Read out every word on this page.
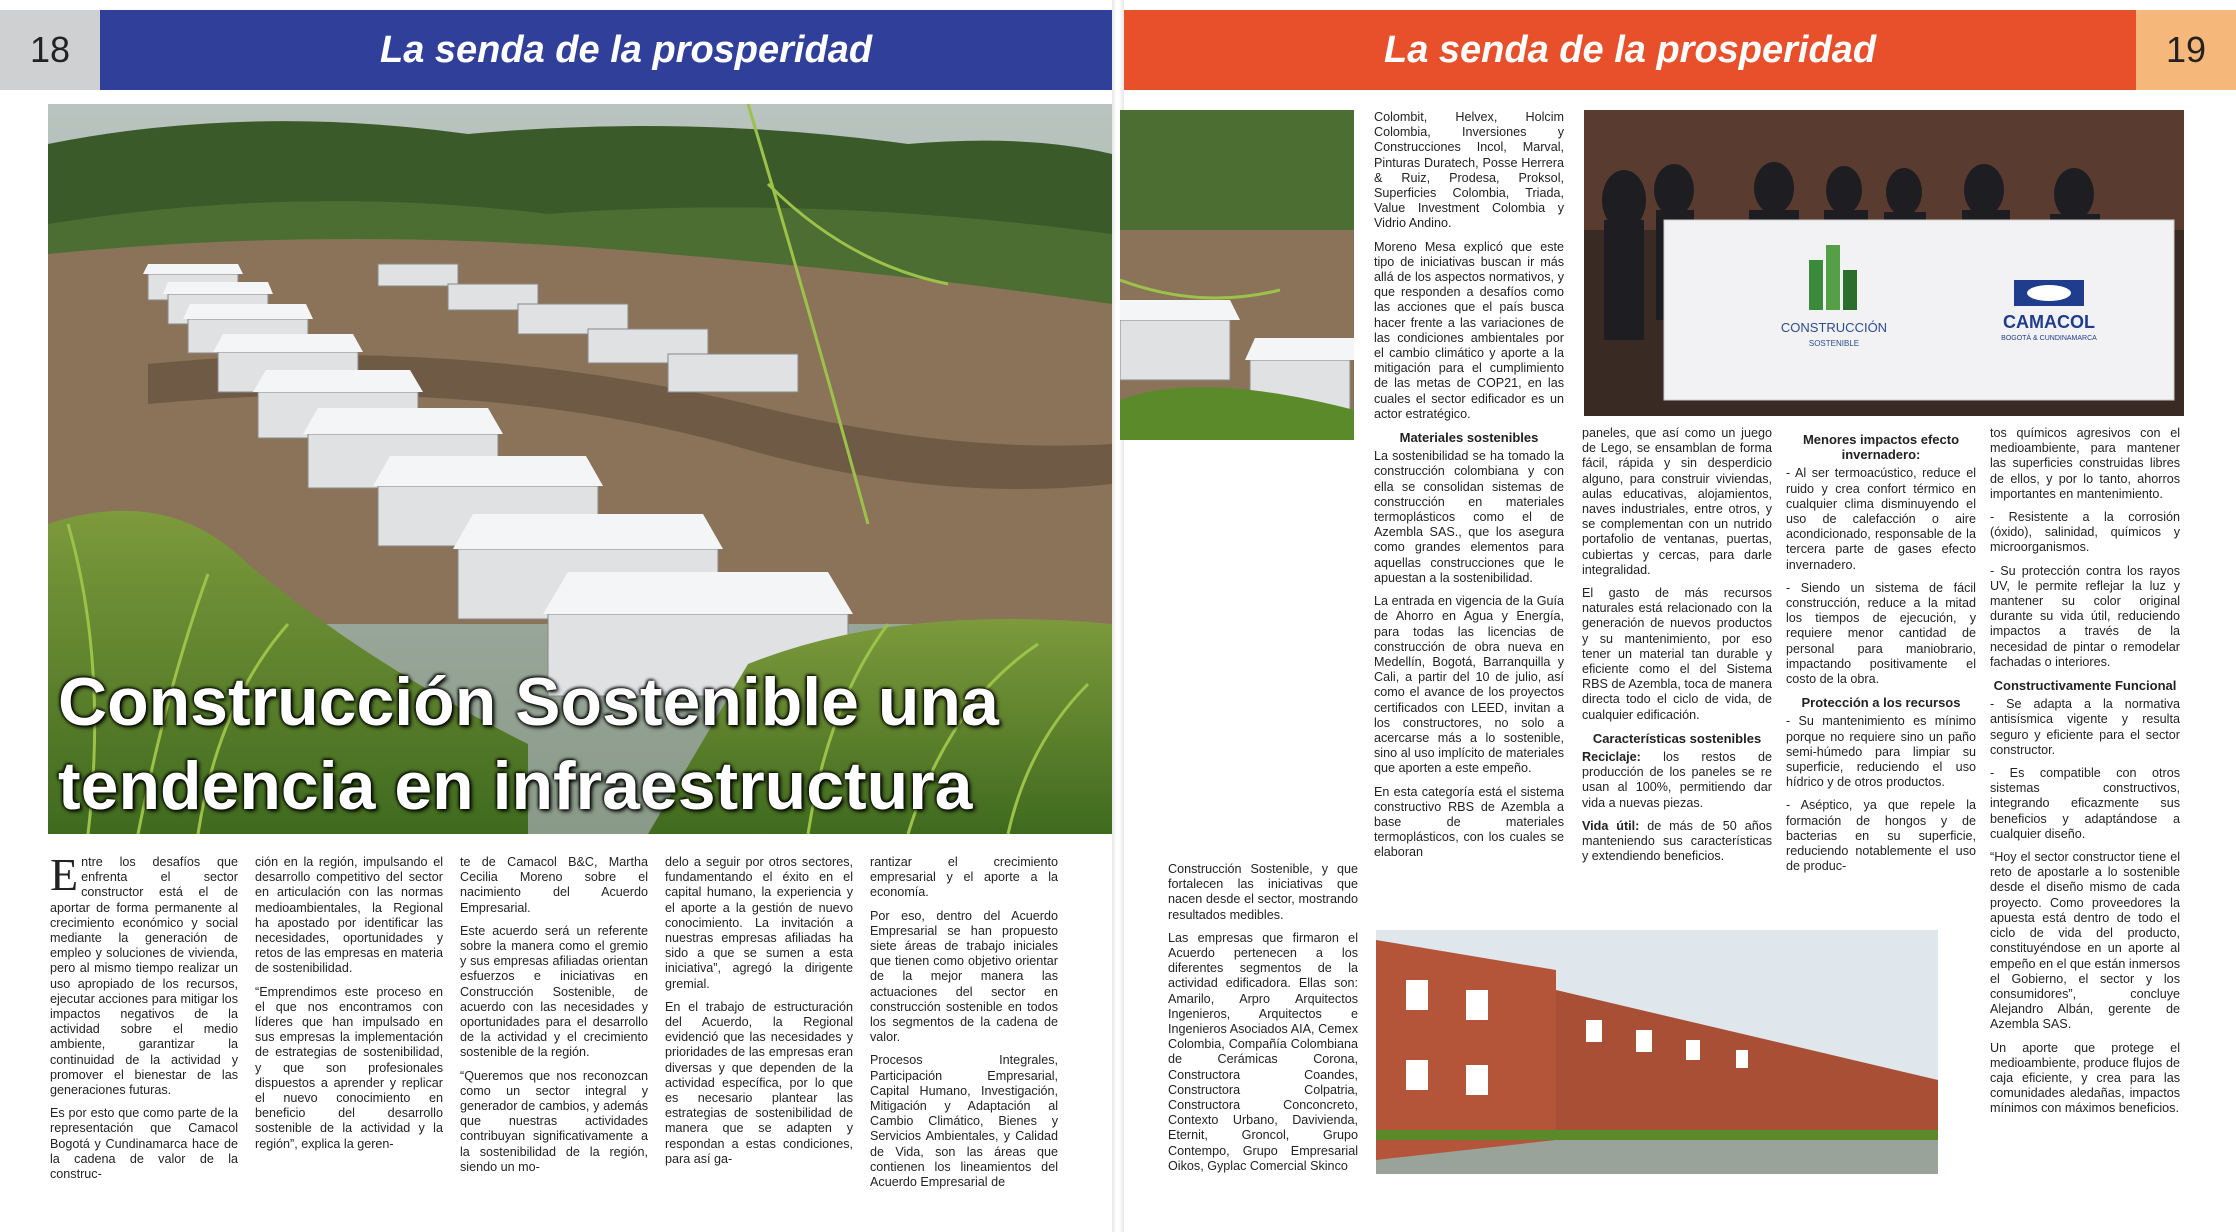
La senda de la prosperidad
18	La senda de la prosperidad	19
Construcción Sostenible una
tendencia en infraestructura
CONSTRUCCIÓN
SOSTENIBLE
CAMACOL
BOGOTÁ & CUNDINAMARCA

Entre los desafíos que enfrenta el sector constructor está el de aportar de forma permanente al crecimiento económico y social mediante la generación de empleo y soluciones de vivienda, pero al mismo tiempo realizar un uso apropiado de los recursos, ejecutar acciones para mitigar los impactos negativos de la actividad sobre el medio ambiente, garantizar la continuidad de la actividad y promover el bienestar de las generaciones futuras.

Es por esto que como parte de la representación que Camacol Bogotá y Cundinamarca hace de la cadena de valor de la construc-

ción en la región, impulsando el desarrollo competitivo del sector en articulación con las normas medioambientales, la Regional ha apostado por identificar las necesidades, oportunidades y retos de las empresas en materia de sostenibilidad.

“Emprendimos este proceso en el que nos encontramos con líderes que han impulsado en sus empresas la implementación de estrategias de sostenibilidad, y que son profesionales dispuestos a aprender y replicar el nuevo conocimiento en beneficio del desarrollo sostenible de la actividad y la región”, explica la geren-

te de Camacol B&C, Martha Cecilia Moreno sobre el nacimiento del Acuerdo Empresarial.

Este acuerdo será un referente sobre la manera como el gremio y sus empresas afiliadas orientan esfuerzos e iniciativas en Construcción Sostenible, de acuerdo con las necesidades y oportunidades para el desarrollo de la actividad y el crecimiento sostenible de la región.

“Queremos que nos reconozcan como un sector integral y generador de cambios, y además que nuestras actividades contribuyan significativamente a la sostenibilidad de la región, siendo un mo-

delo a seguir por otros sectores, fundamentando el éxito en el capital humano, la experiencia y el aporte a la gestión de nuevo conocimiento. La invitación a nuestras empresas afiliadas ha sido a que se sumen a esta iniciativa”, agregó la dirigente gremial.

En el trabajo de estructuración del Acuerdo, la Regional evidenció que las necesidades y prioridades de las empresas eran diversas y que dependen de la actividad específica, por lo que es necesario plantear las estrategias de sostenibilidad de manera que se adapten y respondan a estas condiciones, para así ga-

rantizar el crecimiento empresarial y el aporte a la economía.

Por eso, dentro del Acuerdo Empresarial se han propuesto siete áreas de trabajo iniciales que tienen como objetivo orientar de la mejor manera las actuaciones del sector en construcción sostenible en todos los segmentos de la cadena de valor.

Procesos Integrales, Participación Empresarial, Capital Humano, Investigación, Mitigación y Adaptación al Cambio Climático, Bienes y Servicios Ambientales, y Calidad de Vida, son las áreas que contienen los lineamientos del Acuerdo Empresarial de

Colombit, Helvex, Holcim Colombia, Inversiones y Construcciones Incol, Marval, Pinturas Duratech, Posse Herrera & Ruiz, Prodesa, Proksol, Superficies Colombia, Triada, Value Investment Colombia y Vidrio Andino.

Moreno Mesa explicó que este tipo de iniciativas buscan ir más allá de los aspectos normativos, y que responden a desafíos como las acciones que el país busca hacer frente a las variaciones de las condiciones ambientales por el cambio climático y aporte a la mitigación para el cumplimiento de las metas de COP21, en las cuales el sector edificador es un actor estratégico.

Materiales sostenibles

La sostenibilidad se ha tomado la construcción colombiana y con ella se consolidan sistemas de construcción en materiales termoplásticos como el de Azembla SAS., que los asegura como grandes elementos para aquellas construcciones que le apuestan a la sostenibilidad.

La entrada en vigencia de la Guía de Ahorro en Agua y Energía, para todas las licencias de construcción de obra nueva en Medellín, Bogotá, Barranquilla y Cali, a partir del 10 de julio, así como el avance de los proyectos certificados con LEED, invitan a los constructores, no solo a acercarse más a lo sostenible, sino al uso implícito de materiales que aporten a este empeño.

En esta categoría está el sistema constructivo RBS de Azembla a base de materiales termoplásticos, con los cuales se elaboran

Construcción Sostenible, y que fortalecen las iniciativas que nacen desde el sector, mostrando resultados medibles.

Las empresas que firmaron el Acuerdo pertenecen a los diferentes segmentos de la actividad edificadora. Ellas son: Amarilo, Arpro Arquitectos Ingenieros, Arquitectos e Ingenieros Asociados AIA, Cemex Colombia, Compañía Colombiana de Cerámicas Corona, Constructora Coandes, Constructora Colpatria, Constructora Conconcreto, Contexto Urbano, Davivienda, Eternit, Groncol, Grupo Contempo, Grupo Empresarial Oikos, Gyplac Comercial Skinco

paneles, que así como un juego de Lego, se ensamblan de forma fácil, rápida y sin desperdicio alguno, para construir viviendas, aulas educativas, alojamientos, naves industriales, entre otros, y se complementan con un nutrido portafolio de ventanas, puertas, cubiertas y cercas, para darle integralidad.

El gasto de más recursos naturales está relacionado con la generación de nuevos productos y su mantenimiento, por eso tener un material tan durable y eficiente como el del Sistema RBS de Azembla, toca de manera directa todo el ciclo de vida, de cualquier edificación.

Características sostenibles

Reciclaje: los restos de producción de los paneles se re usan al 100%, permitiendo dar vida a nuevas piezas.

Vida útil: de más de 50 años manteniendo sus características y extendiendo beneficios.

Menores impactos efecto invernadero:

- Al ser termoacústico, reduce el ruido y crea confort térmico en cualquier clima disminuyendo el uso de calefacción o aire acondicionado, responsable de la tercera parte de gases efecto invernadero.

- Siendo un sistema de fácil construcción, reduce a la mitad los tiempos de ejecución, y requiere menor cantidad de personal para maniobrario, impactando positivamente el costo de la obra.

Protección a los recursos

- Su mantenimiento es mínimo porque no requiere sino un paño semi-húmedo para limpiar su superficie, reduciendo el uso hídrico y de otros productos.

- Aséptico, ya que repele la formación de hongos y de bacterias en su superficie, reduciendo notablemente el uso de produc-

tos químicos agresivos con el medioambiente, para mantener las superficies construidas libres de ellos, y por lo tanto, ahorros importantes en mantenimiento.

- Resistente a la corrosión (óxido), salinidad, químicos y microorganismos.

- Su protección contra los rayos UV, le permite reflejar la luz y mantener su color original durante su vida útil, reduciendo impactos a través de la necesidad de pintar o remodelar fachadas o interiores.

Constructivamente Funcional

- Se adapta a la normativa antisísmica vigente y resulta seguro y eficiente para el sector constructor.

- Es compatible con otros sistemas constructivos, integrando eficazmente sus beneficios y adaptándose a cualquier diseño.

“Hoy el sector constructor tiene el reto de apostarle a lo sostenible desde el diseño mismo de cada proyecto. Como proveedores la apuesta está dentro de todo el ciclo de vida del producto, constituyéndose en un aporte al empeño en el que están inmersos el Gobierno, el sector y los consumidores”, concluye Alejandro Albán, gerente de Azembla SAS.

Un aporte que protege el medioambiente, produce flujos de caja eficiente, y crea para las comunidades aledañas, impactos mínimos con máximos beneficios.
